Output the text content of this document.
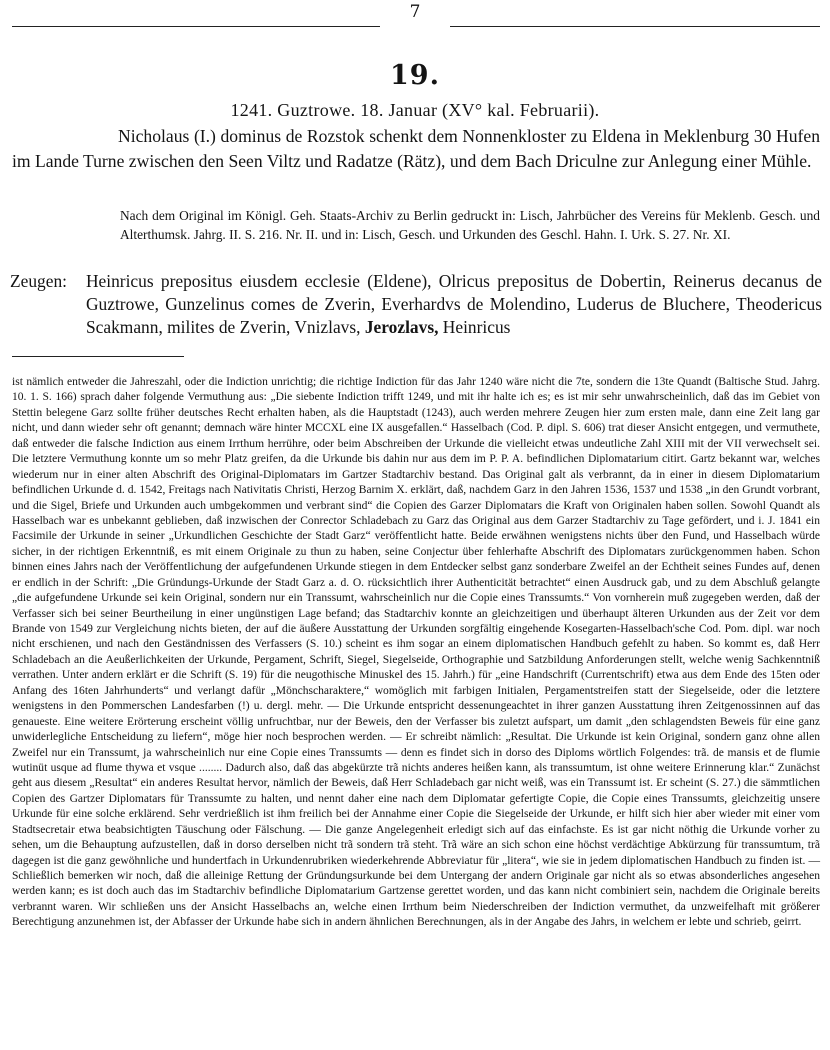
7
19.
1241. Guztrowe. 18. Januar (XV° kal. Februarii).
Nicholaus (I.) dominus de Rozstok schenkt dem Nonnenkloster zu Eldena in Meklenburg 30 Hufen im Lande Turne zwischen den Seen Viltz und Radatze (Rätz), und dem Bach Driculne zur Anlegung einer Mühle.
Nach dem Original im Königl. Geh. Staats-Archiv zu Berlin gedruckt in: Lisch, Jahrbücher des Vereins für Meklenb. Gesch. und Alterthumsk. Jahrg. II. S. 216. Nr. II. und in: Lisch, Gesch. und Urkunden des Geschl. Hahn. I. Urk. S. 27. Nr. XI.
Zeugen: Heinricus prepositus eiusdem ecclesie (Eldene), Olricus prepositus de Dobertin, Reinerus decanus de Guztrowe, Gunzelinus comes de Zverin, Everhardvs de Molendino, Luderus de Bluchere, Theodericus Scakmann, milites de Zverin, Vnizlavs, Jerozlavs, Heinricus

ist nämlich entweder die Jahreszahl, oder die Indiction unrichtig; die richtige Indiction für das Jahr 1240 wäre nicht die 7te, sondern die 13te Quandt (Baltische Stud. Jahrg. 10. 1. S. 166) sprach daher folgende Vermuthung aus: „Die siebente Indiction trifft 1249, und mit ihr halte ich es; es ist mir sehr unwahrscheinlich, daß das im Gebiet von Stettin belegene Garz sollte früher deutsches Recht erhalten haben, als die Hauptstadt (1243), auch werden mehrere Zeugen hier zum ersten male, dann eine Zeit lang gar nicht, und dann wieder sehr oft genannt; demnach wäre hinter MCCXL eine IX ausgefallen.“ Hasselbach (Cod. P. dipl. S. 606) trat dieser Ansicht entgegen, und vermuthete, daß entweder die falsche Indiction aus einem Irrthum herrühre, oder beim Abschreiben der Urkunde die vielleicht etwas undeutliche Zahl XIII mit der VII verwechselt sei. Die letztere Vermuthung konnte um so mehr Platz greifen, da die Urkunde bis dahin nur aus dem im P. P. A. befindlichen Diplomatarium citirt. Gartz bekannt war, welches wiederum nur in einer alten Abschrift des Original-Diplomatars im Gartzer Stadtarchiv bestand. Das Original galt als verbrannt, da in einer in diesem Diplomatarium befindlichen Urkunde d. d. 1542, Freitags nach Nativitatis Christi, Herzog Barnim X. erklärt, daß, nachdem Garz in den Jahren 1536, 1537 und 1538 „in den Grundt vorbrant, und die Sigel, Briefe und Urkunden auch umbgekommen und verbrant sind“ die Copien des Garzer Diplomatars die Kraft von Originalen haben sollen. Sowohl Quandt als Hasselbach war es unbekannt geblieben, daß inzwischen der Conrector Schladebach zu Garz das Original aus dem Garzer Stadtarchiv zu Tage gefördert, und i. J. 1841 ein Facsimile der Urkunde in seiner „Urkundlichen Geschichte der Stadt Garz“ veröffentlicht hatte. Beide erwähnen wenigstens nichts über den Fund, und Hasselbach würde sicher, in der richtigen Erkenntniß, es mit einem Originale zu thun zu haben, seine Conjectur über fehlerhafte Abschrift des Diplomatars zurückgenommen haben. Schon binnen eines Jahrs nach der Veröffentlichung der aufgefundenen Urkunde stiegen in dem Entdecker selbst ganz sonderbare Zweifel an der Echtheit seines Fundes auf, denen er endlich in der Schrift: „Die Gründungs-Urkunde der Stadt Garz a. d. O. rücksichtlich ihrer Authenticität betrachtet“ einen Ausdruck gab, und zu dem Abschluß gelangte „die aufgefundene Urkunde sei kein Original, sondern nur ein Transsumt, wahrscheinlich nur die Copie eines Transsumts.“ Von vornherein muß zugegeben werden, daß der Verfasser sich bei seiner Beurtheilung in einer ungünstigen Lage befand; das Stadtarchiv konnte an gleichzeitigen und überhaupt älteren Urkunden aus der Zeit vor dem Brande von 1549 zur Vergleichung nichts bieten, der auf die äußere Ausstattung der Urkunden sorgfältig eingehende Kosegarten-Hasselbach'sche Cod. Pom. dipl. war noch nicht erschienen, und nach den Geständnissen des Verfassers (S. 10.) scheint es ihm sogar an einem diplomatischen Handbuch gefehlt zu haben. So kommt es, daß Herr Schladebach an die Aeußerlichkeiten der Urkunde, Pergament, Schrift, Siegel, Siegelseide, Orthographie und Satzbildung Anforderungen stellt, welche wenig Sachkenntniß verrathen. Unter andern erklärt er die Schrift (S. 19) für die neugothische Minuskel des 15. Jahrh.) für „eine Handschrift (Currentschrift) etwa aus dem Ende des 15ten oder Anfang des 16ten Jahrhunderts“ und verlangt dafür „Mönchscharaktere,“ womöglich mit farbigen Initialen, Pergamentstreifen statt der Siegelseide, oder die letztere wenigstens in den Pommerschen Landesfarben (!) u. dergl. mehr. — Die Urkunde entspricht dessenungeachtet in ihrer ganzen Ausstattung ihren Zeitgenossinnen auf das genaueste. Eine weitere Erörterung erscheint völlig unfruchtbar, nur der Beweis, den der Verfasser bis zuletzt aufspart, um damit „den schlagendsten Beweis für eine ganz unwiderlegliche Entscheidung zu liefern“, möge hier noch besprochen werden. — Er schreibt nämlich: „Resultat. Die Urkunde ist kein Original, sondern ganz ohne allen Zweifel nur ein Transsumt, ja wahrscheinlich nur eine Copie eines Transsumts — denn es findet sich in dorso des Diploms wörtlich Folgendes: trã. de mansis et de flumie wutinüt usque ad flume thywa et vsque ........ Dadurch also, daß das abgekürzte trã nichts anderes heißen kann, als transsumtum, ist ohne weitere Erinnerung klar.“ Zunächst geht aus diesem „Resultat“ ein anderes Resultat hervor, nämlich der Beweis, daß Herr Schladebach gar nicht weiß, was ein Transsumt ist. Er scheint (S. 27.) die sämmtlichen Copien des Gartzer Diplomatars für Transsumte zu halten, und nennt daher eine nach dem Diplomatar gefertigte Copie, die Copie eines Transsumts, gleichzeitig unsere Urkunde für eine solche erklärend. Sehr verdrießlich ist ihm freilich bei der Annahme einer Copie die Siegelseide der Urkunde, er hilft sich hier aber wieder mit einer vom Stadtsecretair etwa beabsichtigten Täuschung oder Fälschung. — Die ganze Angelegenheit erledigt sich auf das einfachste. Es ist gar nicht nöthig die Urkunde vorher zu sehen, um die Behauptung aufzustellen, daß in dorso derselben nicht trã sondern trã steht. Trã wäre an sich schon eine höchst verdächtige Abkürzung für transsumtum, trã dagegen ist die ganz gewöhnliche und hundertfach in Urkundenrubriken wiederkehrende Abbreviatur für „litera“, wie sie in jedem diplomatischen Handbuch zu finden ist. — Schließlich bemerken wir noch, daß die alleinige Rettung der Gründungsurkunde bei dem Untergang der andern Originale gar nicht als so etwas absonderliches angesehen werden kann; es ist doch auch das im Stadtarchiv befindliche Diplomatarium Gartzense gerettet worden, und das kann nicht combiniert sein, nachdem die Originale bereits verbrannt waren. Wir schließen uns der Ansicht Hasselbachs an, welche einen Irrthum beim Niederschreiben der Indiction vermuthet, da unzweifelhaft mit größerer Berechtigung anzunehmen ist, der Abfasser der Urkunde habe sich in andern ähnlichen Berechnungen, als in der Angabe des Jahrs, in welchem er lebte und schrieb, geirrt.
